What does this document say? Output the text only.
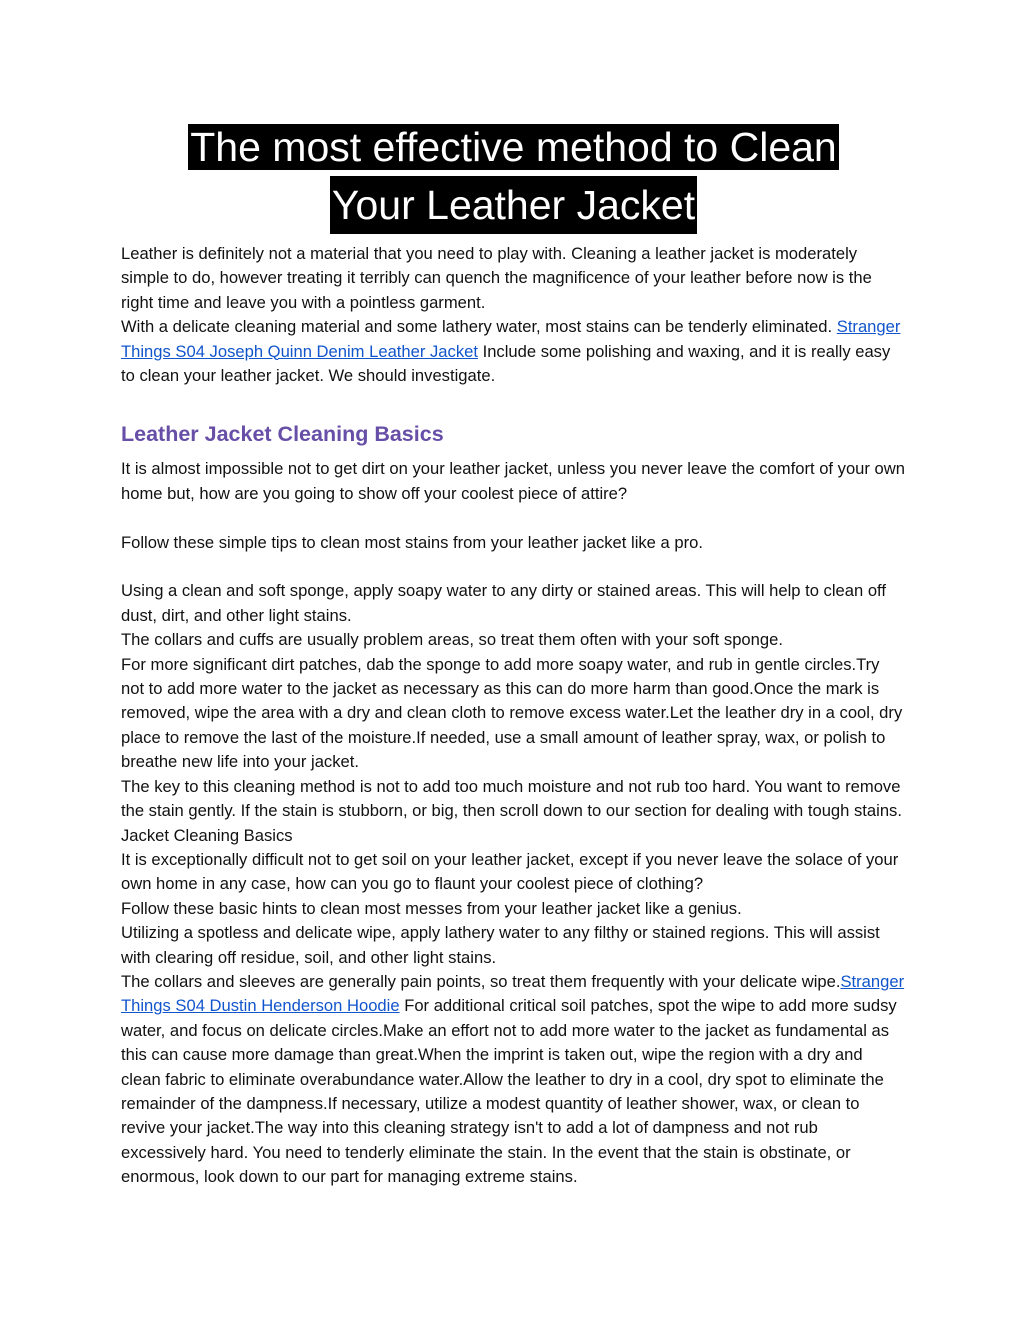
The most effective method to Clean
Your Leather Jacket

Leather is definitely not a material that you need to play with. Cleaning a leather jacket is moderately simple to do, however treating it terribly can quench the magnificence of your leather before now is the right time and leave you with a pointless garment.

With a delicate cleaning material and some lathery water, most stains can be tenderly eliminated. Stranger Things S04 Joseph Quinn Denim Leather Jacket Include some polishing and waxing, and it is really easy to clean your leather jacket. We should investigate.

Leather Jacket Cleaning Basics

It is almost impossible not to get dirt on your leather jacket, unless you never leave the comfort of your own home but, how are you going to show off your coolest piece of attire?

Follow these simple tips to clean most stains from your leather jacket like a pro.

Using a clean and soft sponge, apply soapy water to any dirty or stained areas. This will help to clean off dust, dirt, and other light stains.

The collars and cuffs are usually problem areas, so treat them often with your soft sponge.

For more significant dirt patches, dab the sponge to add more soapy water, and rub in gentle circles.Try not to add more water to the jacket as necessary as this can do more harm than good.Once the mark is removed, wipe the area with a dry and clean cloth to remove excess water.Let the leather dry in a cool, dry place to remove the last of the moisture.If needed, use a small amount of leather spray, wax, or polish to breathe new life into your jacket.

The key to this cleaning method is not to add too much moisture and not rub too hard. You want to remove the stain gently. If the stain is stubborn, or big, then scroll down to our section for dealing with tough stains. Jacket Cleaning Basics

It is exceptionally difficult not to get soil on your leather jacket, except if you never leave the solace of your own home in any case, how can you go to flaunt your coolest piece of clothing?

Follow these basic hints to clean most messes from your leather jacket like a genius.

Utilizing a spotless and delicate wipe, apply lathery water to any filthy or stained regions. This will assist with clearing off residue, soil, and other light stains.

The collars and sleeves are generally pain points, so treat them frequently with your delicate wipe.Stranger Things S04 Dustin Henderson Hoodie For additional critical soil patches, spot the wipe to add more sudsy water, and focus on delicate circles.Make an effort not to add more water to the jacket as fundamental as this can cause more damage than great.When the imprint is taken out, wipe the region with a dry and clean fabric to eliminate overabundance water.Allow the leather to dry in a cool, dry spot to eliminate the remainder of the dampness.If necessary, utilize a modest quantity of leather shower, wax, or clean to revive your jacket.The way into this cleaning strategy isn't to add a lot of dampness and not rub excessively hard. You need to tenderly eliminate the stain. In the event that the stain is obstinate, or enormous, look down to our part for managing extreme stains.
